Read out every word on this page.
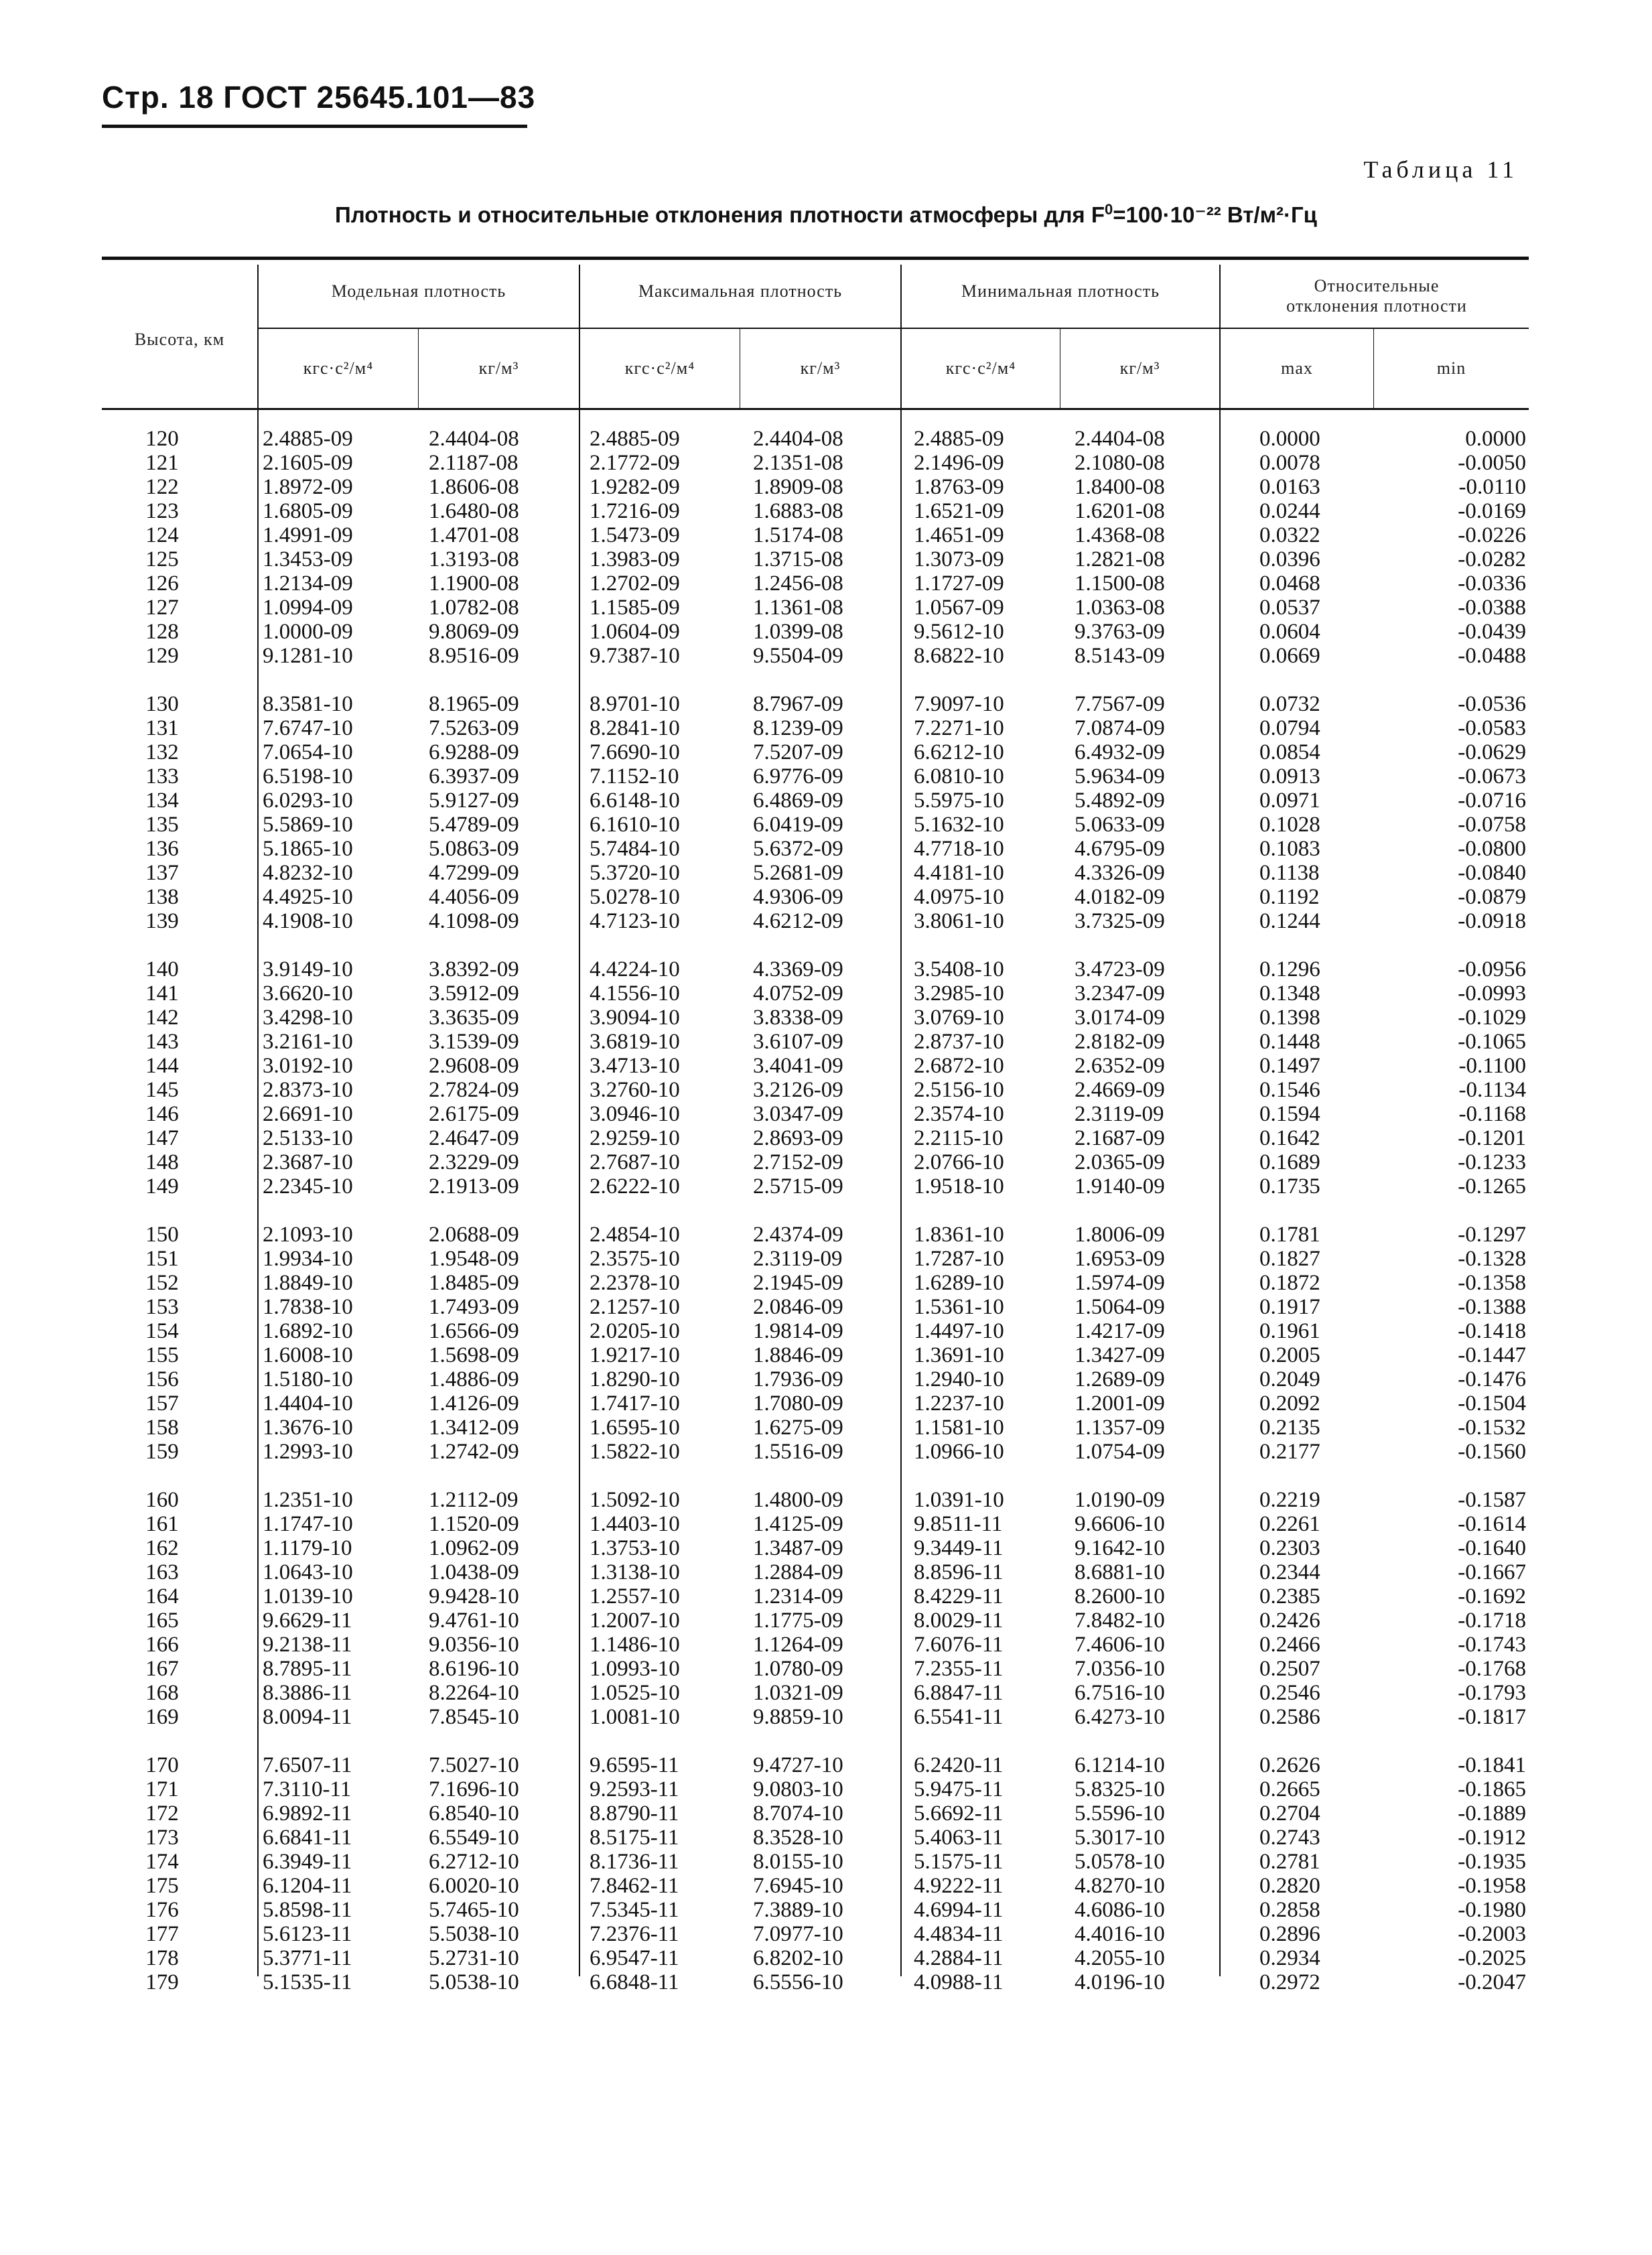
Стр. 18 ГОСТ 25645.101—83
Таблица 11
Плотность и относительные отклонения плотности атмосферы для $F^0=100\cdot 10^{-22}$ Вт/м²·Гц
Высота, км
Модельная плотность	Максимальная плотность	Минимальная плотность	Относительные отклонения плотности
кгс·с²/м⁴	кг/м³	кгс·с²/м⁴	кг/м³	кгс·с²/м⁴	кг/м³	max	min
120	2.4885-09	2.4404-08	2.4885-09	2.4404-08	2.4885-09	2.4404-08	0.0000	0.0000
121	2.1605-09	2.1187-08	2.1772-09	2.1351-08	2.1496-09	2.1080-08	0.0078	-0.0050
122	1.8972-09	1.8606-08	1.9282-09	1.8909-08	1.8763-09	1.8400-08	0.0163	-0.0110
123	1.6805-09	1.6480-08	1.7216-09	1.6883-08	1.6521-09	1.6201-08	0.0244	-0.0169
124	1.4991-09	1.4701-08	1.5473-09	1.5174-08	1.4651-09	1.4368-08	0.0322	-0.0226
125	1.3453-09	1.3193-08	1.3983-09	1.3715-08	1.3073-09	1.2821-08	0.0396	-0.0282
126	1.2134-09	1.1900-08	1.2702-09	1.2456-08	1.1727-09	1.1500-08	0.0468	-0.0336
127	1.0994-09	1.0782-08	1.1585-09	1.1361-08	1.0567-09	1.0363-08	0.0537	-0.0388
128	1.0000-09	9.8069-09	1.0604-09	1.0399-08	9.5612-10	9.3763-09	0.0604	-0.0439
129	9.1281-10	8.9516-09	9.7387-10	9.5504-09	8.6822-10	8.5143-09	0.0669	-0.0488
130	8.3581-10	8.1965-09	8.9701-10	8.7967-09	7.9097-10	7.7567-09	0.0732	-0.0536
131	7.6747-10	7.5263-09	8.2841-10	8.1239-09	7.2271-10	7.0874-09	0.0794	-0.0583
132	7.0654-10	6.9288-09	7.6690-10	7.5207-09	6.6212-10	6.4932-09	0.0854	-0.0629
133	6.5198-10	6.3937-09	7.1152-10	6.9776-09	6.0810-10	5.9634-09	0.0913	-0.0673
134	6.0293-10	5.9127-09	6.6148-10	6.4869-09	5.5975-10	5.4892-09	0.0971	-0.0716
135	5.5869-10	5.4789-09	6.1610-10	6.0419-09	5.1632-10	5.0633-09	0.1028	-0.0758
136	5.1865-10	5.0863-09	5.7484-10	5.6372-09	4.7718-10	4.6795-09	0.1083	-0.0800
137	4.8232-10	4.7299-09	5.3720-10	5.2681-09	4.4181-10	4.3326-09	0.1138	-0.0840
138	4.4925-10	4.4056-09	5.0278-10	4.9306-09	4.0975-10	4.0182-09	0.1192	-0.0879
139	4.1908-10	4.1098-09	4.7123-10	4.6212-09	3.8061-10	3.7325-09	0.1244	-0.0918
140	3.9149-10	3.8392-09	4.4224-10	4.3369-09	3.5408-10	3.4723-09	0.1296	-0.0956
141	3.6620-10	3.5912-09	4.1556-10	4.0752-09	3.2985-10	3.2347-09	0.1348	-0.0993
142	3.4298-10	3.3635-09	3.9094-10	3.8338-09	3.0769-10	3.0174-09	0.1398	-0.1029
143	3.2161-10	3.1539-09	3.6819-10	3.6107-09	2.8737-10	2.8182-09	0.1448	-0.1065
144	3.0192-10	2.9608-09	3.4713-10	3.4041-09	2.6872-10	2.6352-09	0.1497	-0.1100
145	2.8373-10	2.7824-09	3.2760-10	3.2126-09	2.5156-10	2.4669-09	0.1546	-0.1134
146	2.6691-10	2.6175-09	3.0946-10	3.0347-09	2.3574-10	2.3119-09	0.1594	-0.1168
147	2.5133-10	2.4647-09	2.9259-10	2.8693-09	2.2115-10	2.1687-09	0.1642	-0.1201
148	2.3687-10	2.3229-09	2.7687-10	2.7152-09	2.0766-10	2.0365-09	0.1689	-0.1233
149	2.2345-10	2.1913-09	2.6222-10	2.5715-09	1.9518-10	1.9140-09	0.1735	-0.1265
150	2.1093-10	2.0688-09	2.4854-10	2.4374-09	1.8361-10	1.8006-09	0.1781	-0.1297
151	1.9934-10	1.9548-09	2.3575-10	2.3119-09	1.7287-10	1.6953-09	0.1827	-0.1328
152	1.8849-10	1.8485-09	2.2378-10	2.1945-09	1.6289-10	1.5974-09	0.1872	-0.1358
153	1.7838-10	1.7493-09	2.1257-10	2.0846-09	1.5361-10	1.5064-09	0.1917	-0.1388
154	1.6892-10	1.6566-09	2.0205-10	1.9814-09	1.4497-10	1.4217-09	0.1961	-0.1418
155	1.6008-10	1.5698-09	1.9217-10	1.8846-09	1.3691-10	1.3427-09	0.2005	-0.1447
156	1.5180-10	1.4886-09	1.8290-10	1.7936-09	1.2940-10	1.2689-09	0.2049	-0.1476
157	1.4404-10	1.4126-09	1.7417-10	1.7080-09	1.2237-10	1.2001-09	0.2092	-0.1504
158	1.3676-10	1.3412-09	1.6595-10	1.6275-09	1.1581-10	1.1357-09	0.2135	-0.1532
159	1.2993-10	1.2742-09	1.5822-10	1.5516-09	1.0966-10	1.0754-09	0.2177	-0.1560
160	1.2351-10	1.2112-09	1.5092-10	1.4800-09	1.0391-10	1.0190-09	0.2219	-0.1587
161	1.1747-10	1.1520-09	1.4403-10	1.4125-09	9.8511-11	9.6606-10	0.2261	-0.1614
162	1.1179-10	1.0962-09	1.3753-10	1.3487-09	9.3449-11	9.1642-10	0.2303	-0.1640
163	1.0643-10	1.0438-09	1.3138-10	1.2884-09	8.8596-11	8.6881-10	0.2344	-0.1667
164	1.0139-10	9.9428-10	1.2557-10	1.2314-09	8.4229-11	8.2600-10	0.2385	-0.1692
165	9.6629-11	9.4761-10	1.2007-10	1.1775-09	8.0029-11	7.8482-10	0.2426	-0.1718
166	9.2138-11	9.0356-10	1.1486-10	1.1264-09	7.6076-11	7.4606-10	0.2466	-0.1743
167	8.7895-11	8.6196-10	1.0993-10	1.0780-09	7.2355-11	7.0356-10	0.2507	-0.1768
168	8.3886-11	8.2264-10	1.0525-10	1.0321-09	6.8847-11	6.7516-10	0.2546	-0.1793
169	8.0094-11	7.8545-10	1.0081-10	9.8859-10	6.5541-11	6.4273-10	0.2586	-0.1817
170	7.6507-11	7.5027-10	9.6595-11	9.4727-10	6.2420-11	6.1214-10	0.2626	-0.1841
171	7.3110-11	7.1696-10	9.2593-11	9.0803-10	5.9475-11	5.8325-10	0.2665	-0.1865
172	6.9892-11	6.8540-10	8.8790-11	8.7074-10	5.6692-11	5.5596-10	0.2704	-0.1889
173	6.6841-11	6.5549-10	8.5175-11	8.3528-10	5.4063-11	5.3017-10	0.2743	-0.1912
174	6.3949-11	6.2712-10	8.1736-11	8.0155-10	5.1575-11	5.0578-10	0.2781	-0.1935
175	6.1204-11	6.0020-10	7.8462-11	7.6945-10	4.9222-11	4.8270-10	0.2820	-0.1958
176	5.8598-11	5.7465-10	7.5345-11	7.3889-10	4.6994-11	4.6086-10	0.2858	-0.1980
177	5.6123-11	5.5038-10	7.2376-11	7.0977-10	4.4834-11	4.4016-10	0.2896	-0.2003
178	5.3771-11	5.2731-10	6.9547-11	6.8202-10	4.2884-11	4.2055-10	0.2934	-0.2025
179	5.1535-11	5.0538-10	6.6848-11	6.5556-10	4.0988-11	4.0196-10	0.2972	-0.2047
